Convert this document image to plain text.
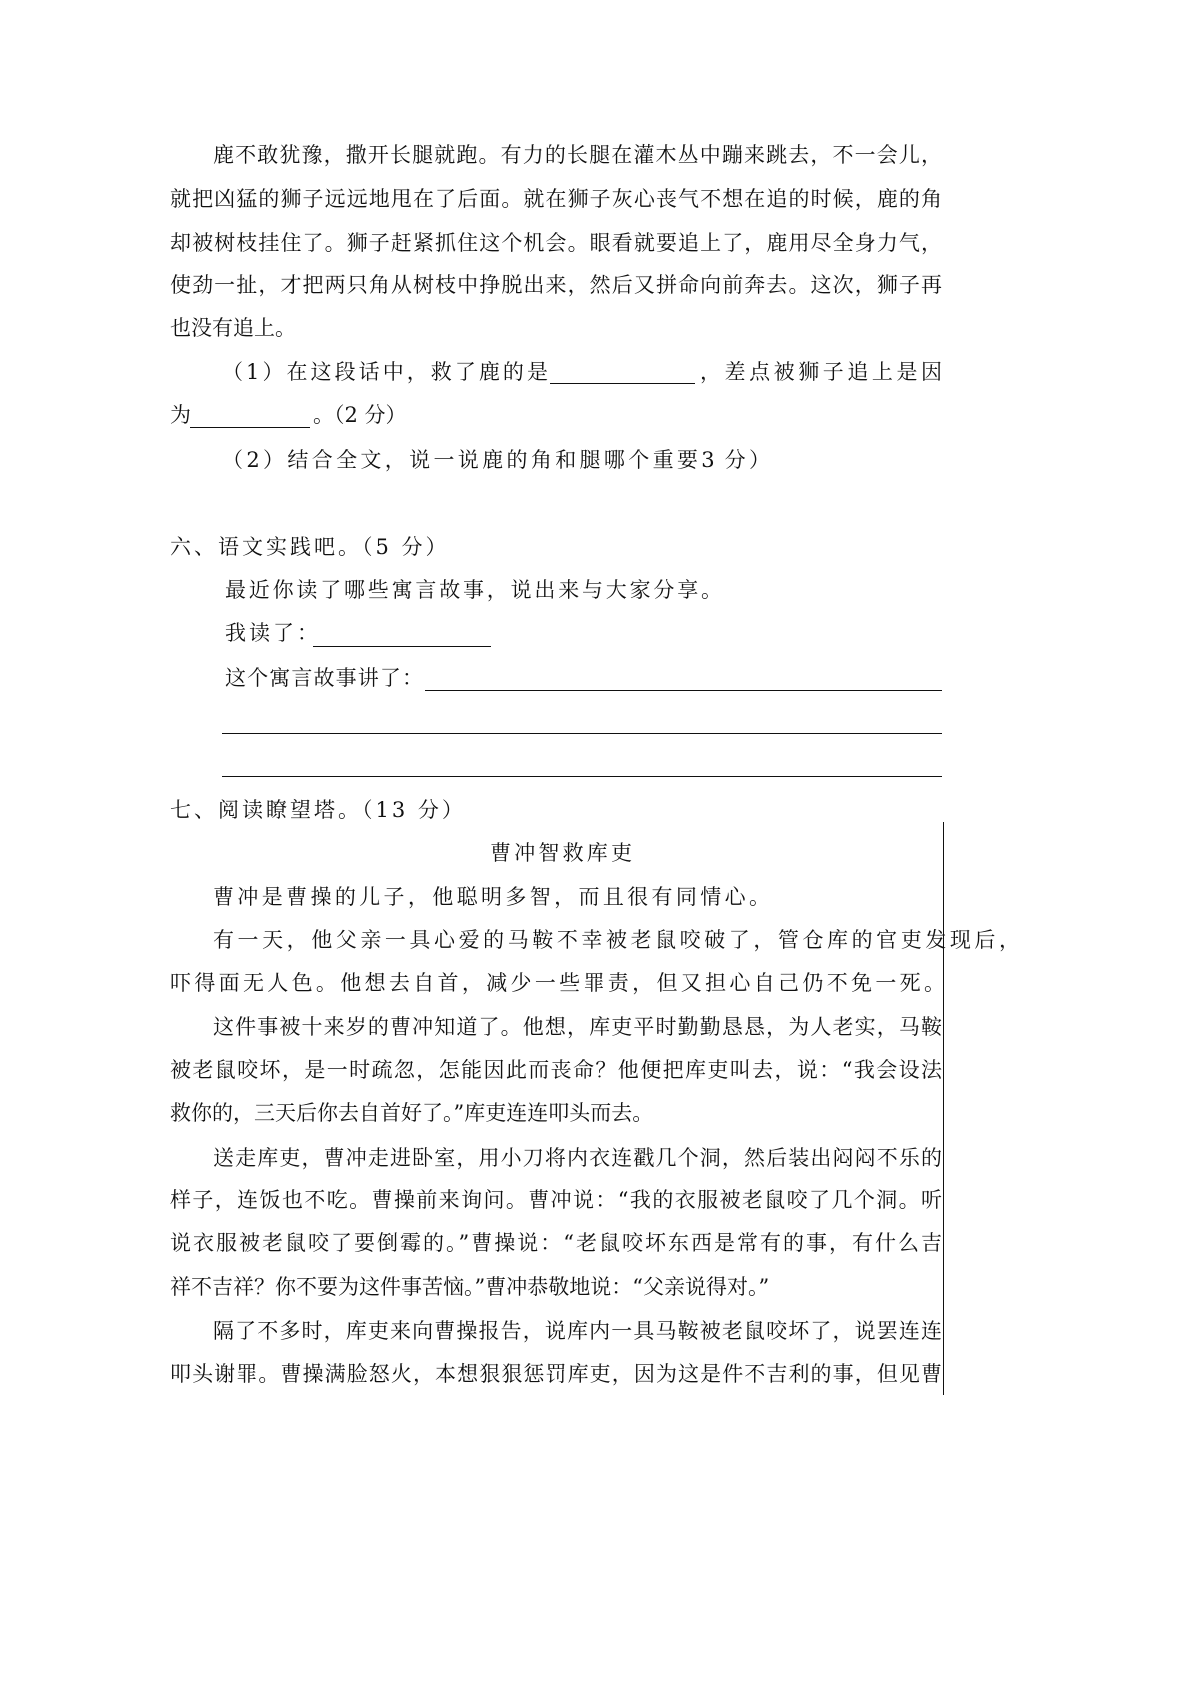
鹿不敢犹豫，撒开长腿就跑。有力的长腿在灌木丛中蹦来跳去，不一会儿，
就把凶猛的狮子远远地甩在了后面。就在狮子灰心丧气不想在追的时候，鹿的角
却被树枝挂住了。狮子赶紧抓住这个机会。眼看就要追上了，鹿用尽全身力气，
使劲一扯，才把两只角从树枝中挣脱出来，然后又拼命向前奔去。这次，狮子再
也没有追上。
（1）在这段话中，救了鹿的是	，差点被狮子追上是因
为	。（2 分）
（2）结合全文，说一说鹿的角和腿哪个重要3 分）
六、语文实践吧。（5 分）
最近你读了哪些寓言故事，说出来与大家分享。
我读了：
这个寓言故事讲了：
七、阅读瞭望塔。（13 分）
曹冲智救库吏
曹冲是曹操的儿子，他聪明多智，而且很有同情心。
有一天，他父亲一具心爱的马鞍不幸被老鼠咬破了，管仓库的官吏发现后，
吓得面无人色。他想去自首，减少一些罪责，但又担心自己仍不免一死。
这件事被十来岁的曹冲知道了。他想，库吏平时勤勤恳恳，为人老实，马鞍
被老鼠咬坏，是一时疏忽，怎能因此而丧命？他便把库吏叫去，说：“我会设法
救你的，三天后你去自首好了。”库吏连连叩头而去。
送走库吏，曹冲走进卧室，用小刀将内衣连戳几个洞，然后装出闷闷不乐的
样子，连饭也不吃。曹操前来询问。曹冲说：“我的衣服被老鼠咬了几个洞。听
说衣服被老鼠咬了要倒霉的。”曹操说：“老鼠咬坏东西是常有的事，有什么吉
祥不吉祥？你不要为这件事苦恼。”曹冲恭敬地说：“父亲说得对。”
隔了不多时，库吏来向曹操报告，说库内一具马鞍被老鼠咬坏了，说罢连连
叩头谢罪。曹操满脸怒火，本想狠狠惩罚库吏，因为这是件不吉利的事，但见曹
